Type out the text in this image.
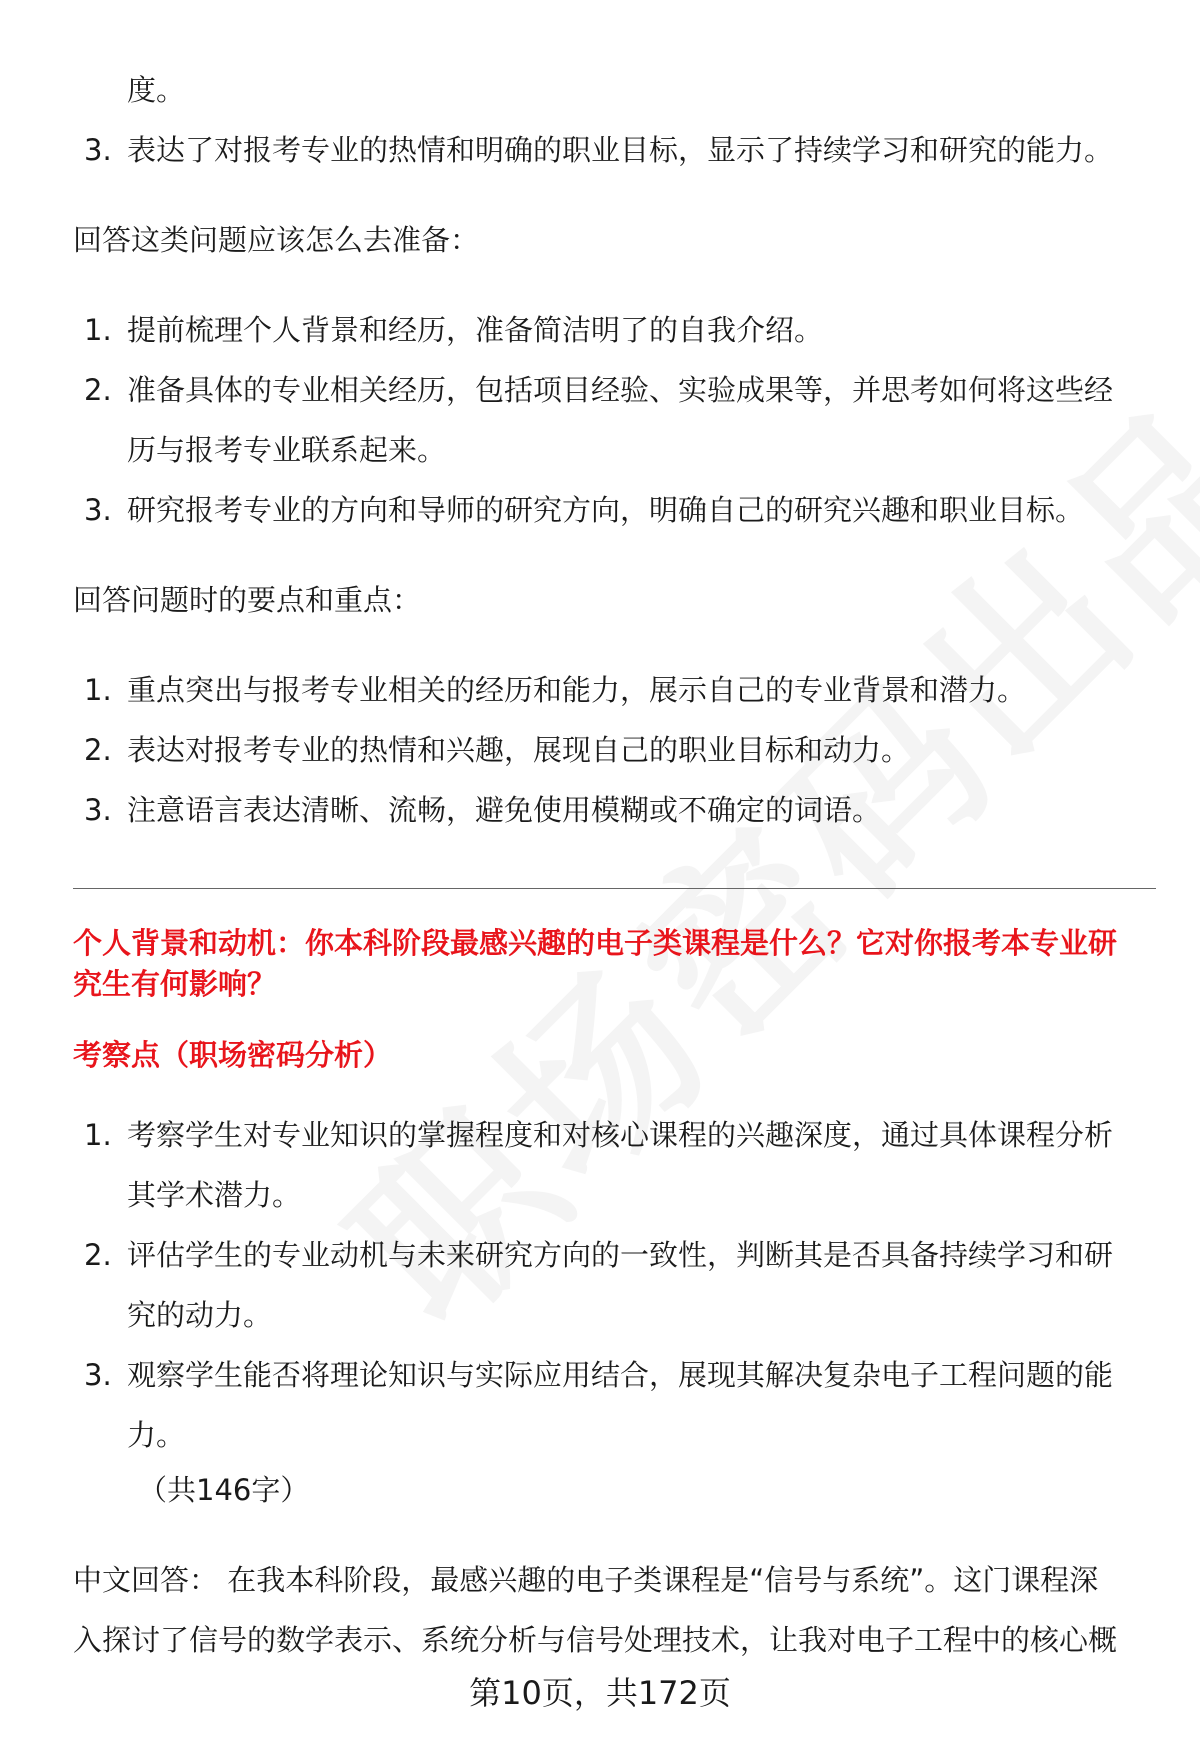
度。
3. 表达了对报考专业的热情和明确的职业目标，显示了持续学习和研究的能力。
回答这类问题应该怎么去准备：
1. 提前梳理个人背景和经历，准备简洁明了的自我介绍。
2. 准备具体的专业相关经历，包括项目经验、实验成果等，并思考如何将这些经
历与报考专业联系起来。
3. 研究报考专业的方向和导师的研究方向，明确自己的研究兴趣和职业目标。
回答问题时的要点和重点：
1. 重点突出与报考专业相关的经历和能力，展示自己的专业背景和潜力。
2. 表达对报考专业的热情和兴趣，展现自己的职业目标和动力。
3. 注意语言表达清晰、流畅，避免使用模糊或不确定的词语。
个人背景和动机：你本科阶段最感兴趣的电子类课程是什么？它对你报考本专业研
究生有何影响？
考察点（职场密码分析）
1. 考察学生对专业知识的掌握程度和对核心课程的兴趣深度，通过具体课程分析
其学术潜力。
2. 评估学生的专业动机与未来研究方向的一致性，判断其是否具备持续学习和研
究的动力。
3. 观察学生能否将理论知识与实际应用结合，展现其解决复杂电子工程问题的能
力。
（共146字）
中文回答： 在我本科阶段，最感兴趣的电子类课程是“信号与系统”。这门课程深
入探讨了信号的数学表示、系统分析与信号处理技术，让我对电子工程中的核心概
第10页，共172页
